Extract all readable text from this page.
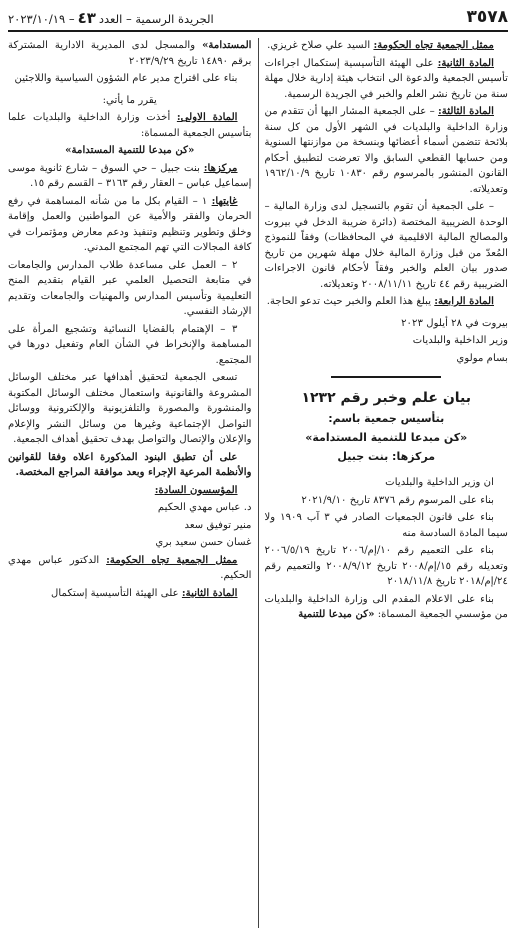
٣٥٧٨
الجريدة الرسمية – العدد٤٣– ٢٠٢٣/١٠/١٩

ممثل الجمعية تجاه الحكومة: السيد علي صلاح غريزي.

المادة الثانية: على الهيئة التأسيسية إستكمال اجراءات تأسيس الجمعية والدعوة الى انتخاب هيئة إدارية خلال مهلة سنة من تاريخ نشر العلم والخبر في الجريدة الرسمية.

المادة الثالثة: – على الجمعية المشار اليها أن تتقدم من وزارة الداخلية والبلديات في الشهر الأول من كل سنة بلائحة تتضمن أسماء أعضائها وبنسخة من موازنتها السنوية ومن حسابها القطعي السابق والا تعرضت لتطبيق أحكام القانون المنشور بالمرسوم رقم ١٠٨٣٠ تاريخ ١٩٦٢/١٠/٩ وتعديلاته.

– على الجمعية أن تقوم بالتسجيل لدى وزارة المالية – الوحدة الضريبية المختصة (دائرة ضريبة الدخل في بيروت والمصالح المالية الاقليمية في المحافظات) وفقاً للنموذج المُعدّ من قبل وزارة المالية خلال مهلة شهرين من تاريخ صدور بيان العلم والخبر وفقاً لأحكام قانون الاجراءات الضريبية رقم ٤٤ تاريخ ٢٠٠٨/١١/١١ وتعديلاته.

المادة الرابعة: يبلغ هذا العلم والخبر حيث تدعو الحاجة.

بيروت في ٢٨ أيلول ٢٠٢٣

وزير الداخلية والبلديات

بسام مولوي

بيان علم وخبر رقم ١٢٣٢

بتأسيس جمعية باسم:

«كن مبدعا للتنمية المستدامة»

مركزها: بنت جبيل

ان وزير الداخلية والبلديات

بناء على المرسوم رقم ٨٣٧٦ تاريخ ٢٠٢١/٩/١٠

بناء على قانون الجمعيات الصادر في ٣ آب ١٩٠٩ ولا سيما المادة السادسة منه

بناء على التعميم رقم ١٠/إم/٢٠٠٦ تاريخ ٢٠٠٦/٥/١٩ وتعديله رقم ١٥/إم/٢٠٠٨ تاريخ ٢٠٠٨/٩/١٢ والتعميم رقم ٢٤/إم/٢٠١٨ تاريخ ٢٠١٨/١١/٨

بناء على الاعلام المقدم الى وزارة الداخلية والبلديات من مؤسسي الجمعية المسماة: «كن مبدعا للتنمية

المستدامة» والمسجل لدى المديرية الادارية المشتركة برقم ١٤٨٩٠ تاريخ ٢٠٢٣/٩/٢٩

بناء على اقتراح مدير عام الشؤون السياسية واللاجئين

يقرر ما يأتي:

المادة الاولى: أخذت وزارة الداخلية والبلديات علما بتأسيس الجمعية المسماة:

«كن مبدعا للتنمية المستدامة»

مركزها: بنت جبيل – حي السوق – شارع ثانوية موسى إسماعيل عباس – العقار رقم ٣١٦٣ – القسم رقم ١٥.

غايتها: ١ – القيام بكل ما من شأنه المساهمة في رفع الحرمان والفقر والأمية عن المواطنين والعمل وإقامة وخلق وتطوير وتنظيم وتنفيذ ودعم معارض ومؤتمرات في كافة المجالات التي تهم المجتمع المدني.

٢ – العمل على مساعدة طلاب المدارس والجامعات في متابعة التحصيل العلمي عبر القيام بتقديم المنح التعليمية وتأسيس المدارس والمهنيات والجامعات وتقديم الإرشاد النفسي.

٣ – الإهتمام بالقضايا النسائية وتشجيع المرأة على المساهمة والإنخراط في الشأن العام وتفعيل دورها في المجتمع.

تسعى الجمعية لتحقيق أهدافها عبر مختلف الوسائل المشروعة والقانونية واستعمال مختلف الوسائل المكتوبة والمنشورة والمصورة والتلفزيونية والإلكترونية ووسائل التواصل الإجتماعية وغيرها من وسائل النشر والإعلام والإعلان والإتصال والتواصل بهدف تحقيق أهداف الجمعية.

على أن تطبق البنود المذكورة اعلاه وفقا للقوانين والأنظمة المرعية الإجراء وبعد موافقة المراجع المختصة.

المؤسسون السادة:

د. عباس مهدي الحكيم

منير توفيق سعد

غسان حسن سعيد بري

ممثل الجمعية تجاه الحكومة: الدكتور عباس مهدي الحكيم.

المادة الثانية: على الهيئة التأسيسية إستكمال
